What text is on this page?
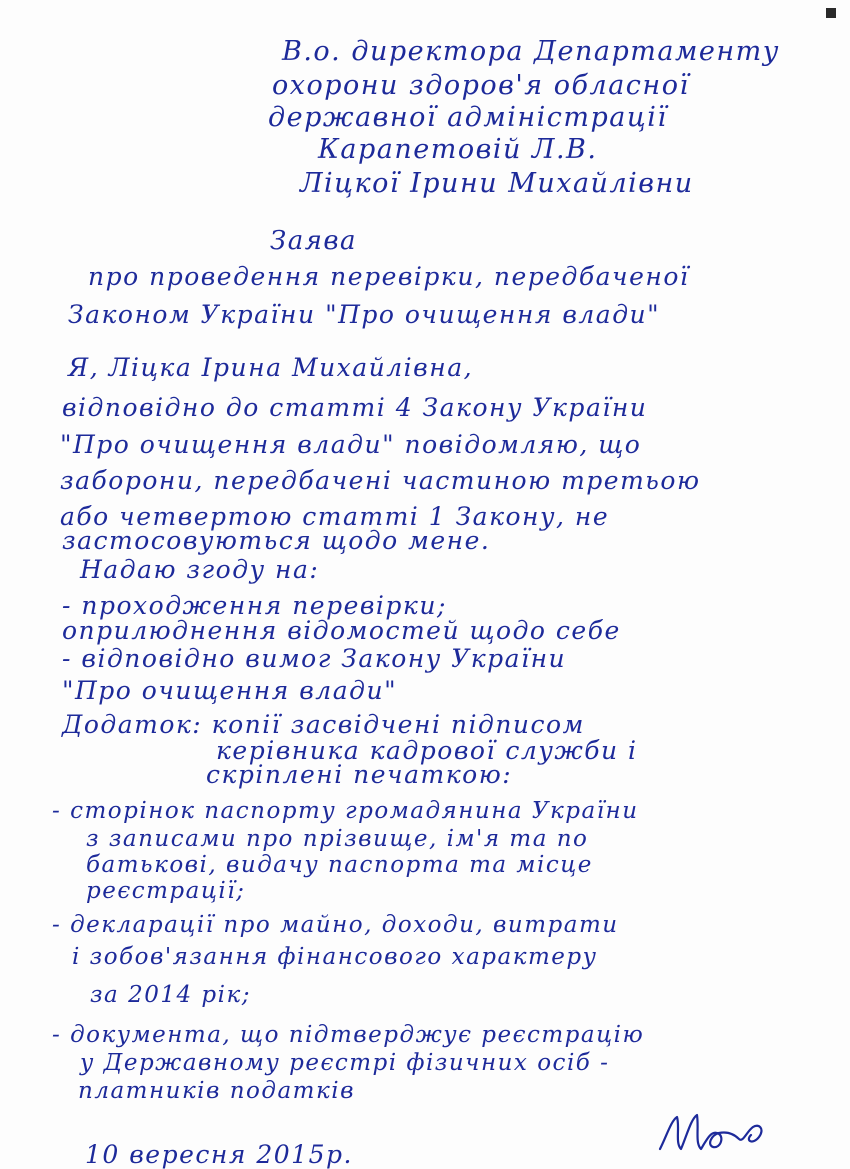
В.о. директора Департаменту

охорони здоров'я обласної

державної адміністрації

Карапетовій Л.В.

Ліцкої Ірини Михайлівни

Заява

про проведення перевірки, передбаченої

Законом України "Про очищення влади"

Я, Ліцка Ірина Михайлівна,

відповідно до статті 4 Закону України

"Про очищення влади" повідомляю, що

заборони, передбачені частиною третьою

або четвертою статті 1 Закону, не

застосовуються щодо мене.

Надаю згоду на:

- проходження перевірки;

оприлюднення відомостей щодо себе

- відповідно вимог Закону України

"Про очищення влади"

Додаток: копії засвідчені підписом

керівника кадрової служби і

скріплені печаткою:

- сторінок паспорту громадянина України

з записами про прізвище, ім'я та по

батькові, видачу паспорта та місце

реєстрації;

- декларації про майно, доходи, витрати

і зобов'язання фінансового характеру

за 2014 рік;

- документа, що підтверджує реєстрацію

у Державному реєстрі фізичних осіб -

платників податків

10 вересня 2015р.
